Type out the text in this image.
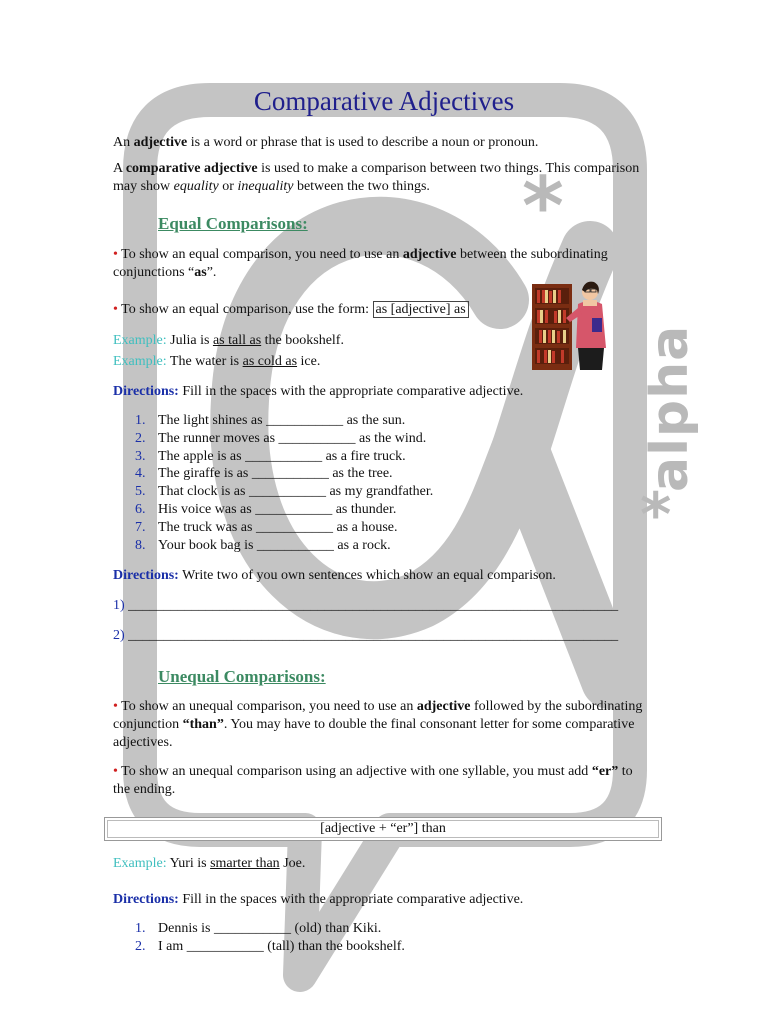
*
alpha
*
Comparative Adjectives
An adjective is a word or phrase that is used to describe a noun or pronoun.
A comparative adjective is used to make a comparison between two things. This comparison may show equality or inequality between the two things.
Equal Comparisons:
• To show an equal comparison, you need to use an adjective between the subordinating conjunctions “as”.
• To show an equal comparison, use the form: as [adjective] as
Example: Julia is as tall as the bookshelf.
Example: The water is as cold as ice.
Directions: Fill in the spaces with the appropriate comparative adjective.
1. The light shines as ___________ as the sun.
2. The runner moves as ___________ as the wind.
3. The apple is as ___________ as a fire truck.
4. The giraffe is as ___________ as the tree.
5. That clock is as ___________ as my grandfather.
6. His voice was as ___________ as thunder.
7. The truck was as ___________ as a house.
8. Your book bag is ___________ as a rock.
Directions: Write two of you own sentences which show an equal comparison.
1) ______________________________________________________________________
2) ______________________________________________________________________
Unequal Comparisons:
• To show an unequal comparison, you need to use an adjective followed by the subordinating conjunction “than”. You may have to double the final consonant letter for some comparative adjectives.
• To show an unequal comparison using an adjective with one syllable, you must add “er” to the ending.
[adjective + “er”] than
Example: Yuri is smarter than Joe.
Directions: Fill in the spaces with the appropriate comparative adjective.
1. Dennis is ___________ (old) than Kiki.
2. I am ___________ (tall) than the bookshelf.
